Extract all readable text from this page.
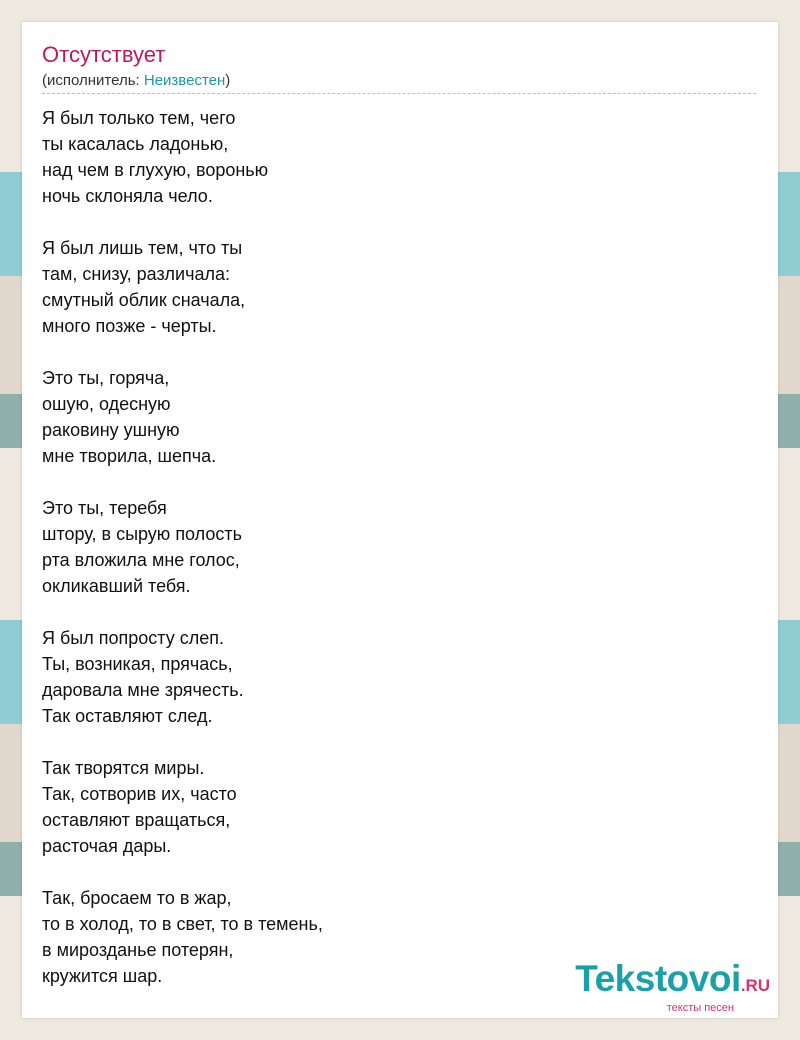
Отсутствует
(исполнитель: Неизвестен)
Я был только тем, чего
ты касалась ладонью,
над чем в глухую, воронью
ночь склоняла чело.
Я был лишь тем, что ты
там, снизу, различала:
смутный облик сначала,
много позже - черты.
Это ты, горяча,
ошую, одесную
раковину ушную
мне творила, шепча.
Это ты, теребя
штору, в сырую полость
рта вложила мне голос,
окликавший тебя.
Я был попросту слеп.
Ты, возникая, прячась,
даровала мне зрячесть.
Так оставляют след.
Так творятся миры.
Так, сотворив их, часто
оставляют вращаться,
расточая дары.
Так, бросаем то в жар,
то в холод, то в свет, то в темень,
в мирозданье потерян,
кружится шар.	Tekstovoi.RU
тексты песен
